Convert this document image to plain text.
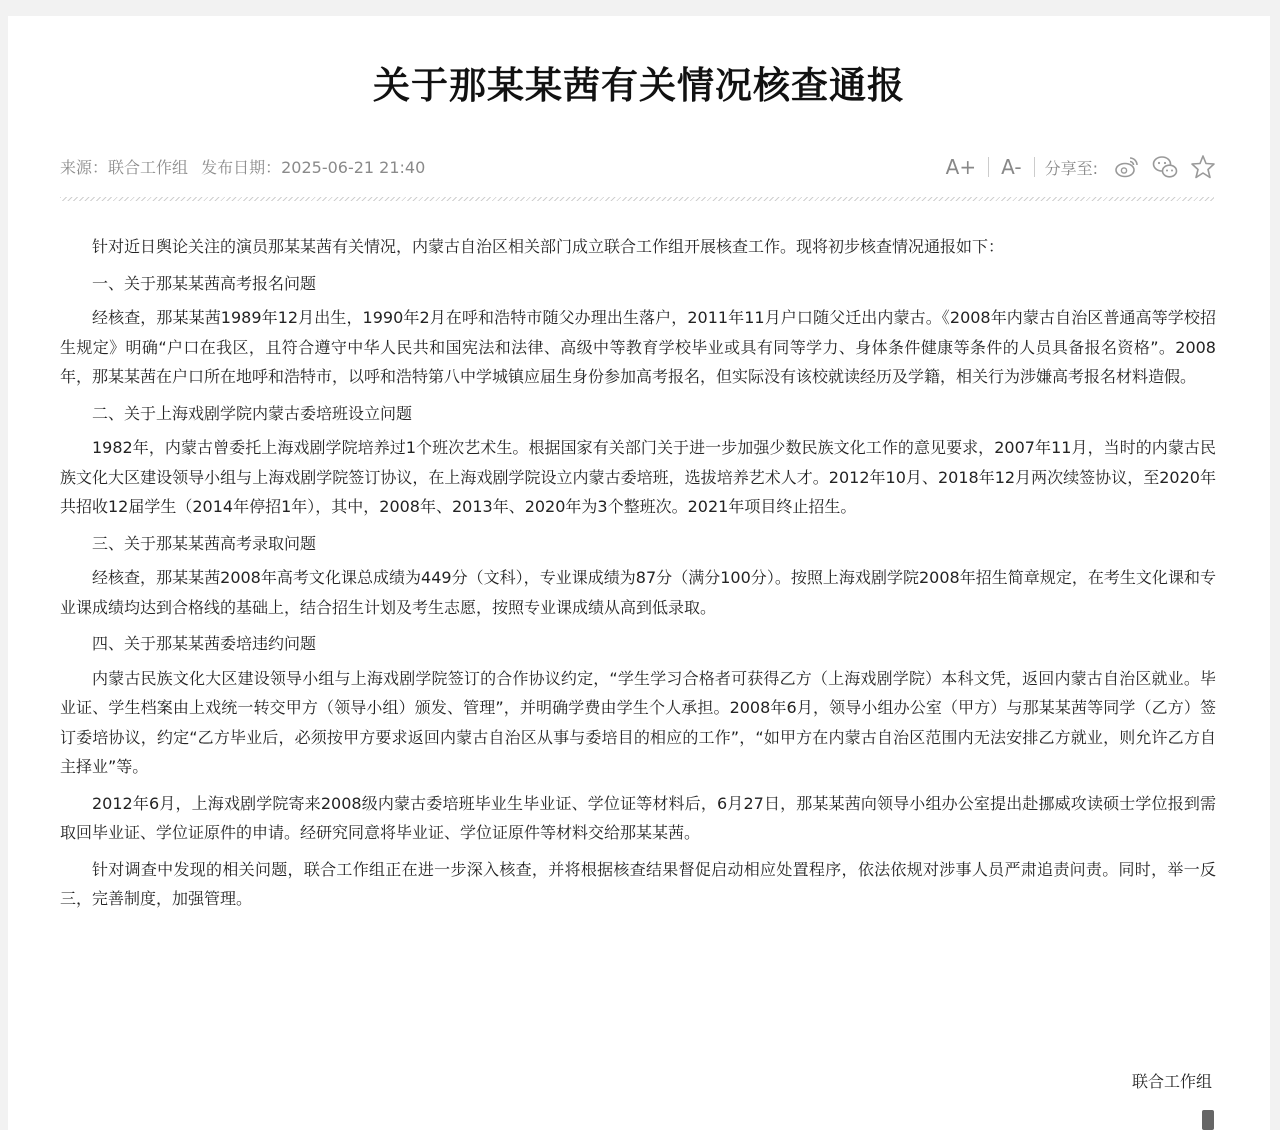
关于那某某茜有关情况核查通报
来源：联合工作组 发布日期：2025-06-21 21:40	A+	A-	分享至:

针对近日舆论关注的演员那某某茜有关情况，内蒙古自治区相关部门成立联合工作组开展核查工作。现将初步核查情况通报如下：

一、关于那某某茜高考报名问题

经核查，那某某茜1989年12月出生，1990年2月在呼和浩特市随父办理出生落户，2011年11月户口随父迁出内蒙古。《2008年内蒙古自治区普通高等学校招生规定》明确“户口在我区，且符合遵守中华人民共和国宪法和法律、高级中等教育学校毕业或具有同等学力、身体条件健康等条件的人员具备报名资格”。2008年，那某某茜在户口所在地呼和浩特市，以呼和浩特第八中学城镇应届生身份参加高考报名，但实际没有该校就读经历及学籍，相关行为涉嫌高考报名材料造假。

二、关于上海戏剧学院内蒙古委培班设立问题

1982年，内蒙古曾委托上海戏剧学院培养过1个班次艺术生。根据国家有关部门关于进一步加强少数民族文化工作的意见要求，2007年11月，当时的内蒙古民族文化大区建设领导小组与上海戏剧学院签订协议，在上海戏剧学院设立内蒙古委培班，选拔培养艺术人才。2012年10月、2018年12月两次续签协议，至2020年共招收12届学生（2014年停招1年），其中，2008年、2013年、2020年为3个整班次。2021年项目终止招生。

三、关于那某某茜高考录取问题

经核查，那某某茜2008年高考文化课总成绩为449分（文科），专业课成绩为87分（满分100分）。按照上海戏剧学院2008年招生简章规定，在考生文化课和专业课成绩均达到合格线的基础上，结合招生计划及考生志愿，按照专业课成绩从高到低录取。

四、关于那某某茜委培违约问题

内蒙古民族文化大区建设领导小组与上海戏剧学院签订的合作协议约定，“学生学习合格者可获得乙方（上海戏剧学院）本科文凭，返回内蒙古自治区就业。毕业证、学生档案由上戏统一转交甲方（领导小组）颁发、管理”，并明确学费由学生个人承担。2008年6月，领导小组办公室（甲方）与那某某茜等同学（乙方）签订委培协议，约定“乙方毕业后，必须按甲方要求返回内蒙古自治区从事与委培目的相应的工作”，“如甲方在内蒙古自治区范围内无法安排乙方就业，则允许乙方自主择业”等。

2012年6月，上海戏剧学院寄来2008级内蒙古委培班毕业生毕业证、学位证等材料后，6月27日，那某某茜向领导小组办公室提出赴挪威攻读硕士学位报到需取回毕业证、学位证原件的申请。经研究同意将毕业证、学位证原件等材料交给那某某茜。

针对调查中发现的相关问题，联合工作组正在进一步深入核查，并将根据核查结果督促启动相应处置程序，依法依规对涉事人员严肃追责问责。同时，举一反三，完善制度，加强管理。

联合工作组
